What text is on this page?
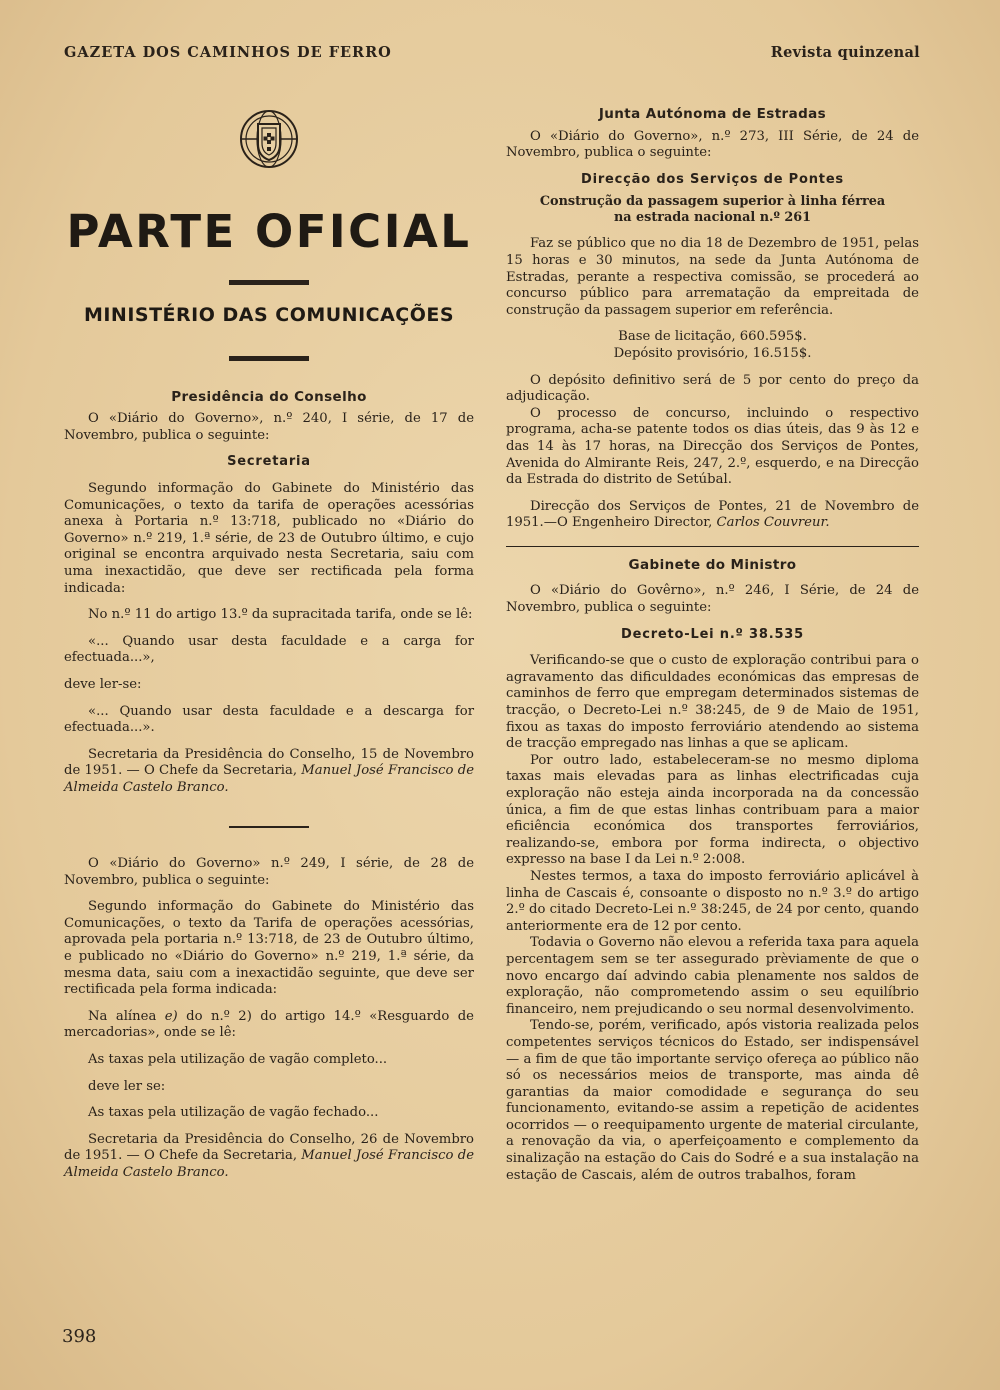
GAZETA DOS CAMINHOS DE FERRO	Revista quinzenal
PARTE OFICIAL
MINISTÉRIO DAS COMUNICAÇÕES

Presidência do Conselho

O «Diário do Governo», n.º 240, I série, de 17 de Novembro, publica o seguinte:

Secretaria

Segundo informação do Gabinete do Ministério das Comunicações, o texto da tarifa de operações acessórias anexa à Portaria n.º 13:718, publicado no «Diário do Governo» n.º 219, 1.ª série, de 23 de Outubro último, e cujo original se encontra arquivado nesta Secretaria, saiu com uma inexactidão, que deve ser rectificada pela forma indicada:

No n.º 11 do artigo 13.º da supracitada tarifa, onde se lê:

«... Quando usar desta faculdade e a carga for efectuada...»,

deve ler-se:

«... Quando usar desta faculdade e a descarga for efectuada...».

Secretaria da Presidência do Conselho, 15 de Novembro de 1951. — O Chefe da Secretaria, Manuel José Francisco de Almeida Castelo Branco.

O «Diário do Governo» n.º 249, I série, de 28 de Novembro, publica o seguinte:

Segundo informação do Gabinete do Ministério das Comunicações, o texto da Tarifa de operações acessórias, aprovada pela portaria n.º 13:718, de 23 de Outubro último, e publicado no «Diário do Governo» n.º 219, 1.ª série, da mesma data, saiu com a inexactidão seguinte, que deve ser rectificada pela forma indicada:

Na alínea e) do n.º 2) do artigo 14.º «Resguardo de mercadorias», onde se lê:

As taxas pela utilização de vagão completo...

deve ler se:

As taxas pela utilização de vagão fechado...

Secretaria da Presidência do Conselho, 26 de Novembro de 1951. — O Chefe da Secretaria, Manuel José Francisco de Almeida Castelo Branco.

Junta Autónoma de Estradas

O «Diário do Governo», n.º 273, III Série, de 24 de Novembro, publica o seguinte:

Direcção dos Serviços de Pontes

Construção da passagem superior à linha férrea

na estrada nacional n.º 261

Faz se público que no dia 18 de Dezembro de 1951, pelas 15 horas e 30 minutos, na sede da Junta Autónoma de Estradas, perante a respectiva comissão, se procederá ao concurso público para arrematação da empreitada de construção da passagem superior em referência.

Base de licitação, 660.595$.

Depósito provisório, 16.515$.

O depósito definitivo será de 5 por cento do preço da adjudicação.

O processo de concurso, incluindo o respectivo programa, acha-se patente todos os dias úteis, das 9 às 12 e das 14 às 17 horas, na Direcção dos Serviços de Pontes, Avenida do Almirante Reis, 247, 2.º, esquerdo, e na Direcção da Estrada do distrito de Setúbal.

Direcção dos Serviços de Pontes, 21 de Novembro de 1951.—O Engenheiro Director, Carlos Couvreur.

Gabinete do Ministro

O «Diário do Govêrno», n.º 246, I Série, de 24 de Novembro, publica o seguinte:

Decreto-Lei n.º 38.535

Verificando-se que o custo de exploração contribui para o agravamento das dificuldades económicas das empresas de caminhos de ferro que empregam determinados sistemas de tracção, o Decreto-Lei n.º 38:245, de 9 de Maio de 1951, fixou as taxas do imposto ferroviário atendendo ao sistema de tracção empregado nas linhas a que se aplicam.

Por outro lado, estabeleceram-se no mesmo diploma taxas mais elevadas para as linhas electrificadas cuja exploração não esteja ainda incorporada na da concessão única, a fim de que estas linhas contribuam para a maior eficiência económica dos transportes ferroviários, realizando-se, embora por forma indirecta, o objectivo expresso na base I da Lei n.º 2:008.

Nestes termos, a taxa do imposto ferroviário aplicável à linha de Cascais é, consoante o disposto no n.º 3.º do artigo 2.º do citado Decreto-Lei n.º 38:245, de 24 por cento, quando anteriormente era de 12 por cento.

Todavia o Governo não elevou a referida taxa para aquela percentagem sem se ter assegurado prèviamente de que o novo encargo daí advindo cabia plenamente nos saldos de exploração, não comprometendo assim o seu equilíbrio financeiro, nem prejudicando o seu normal desenvolvimento.

Tendo-se, porém, verificado, após vistoria realizada pelos competentes serviços técnicos do Estado, ser indispensável — a fim de que tão importante serviço ofereça ao público não só os necessários meios de transporte, mas ainda dê garantias da maior comodidade e segurança do seu funcionamento, evitando-se assim a repetição de acidentes ocorridos — o reequipamento urgente de material circulante, a renovação da via, o aperfeiçoamento e complemento da sinalização na estação do Cais do Sodré e a sua instalação na estação de Cascais, além de outros trabalhos, foram

398
